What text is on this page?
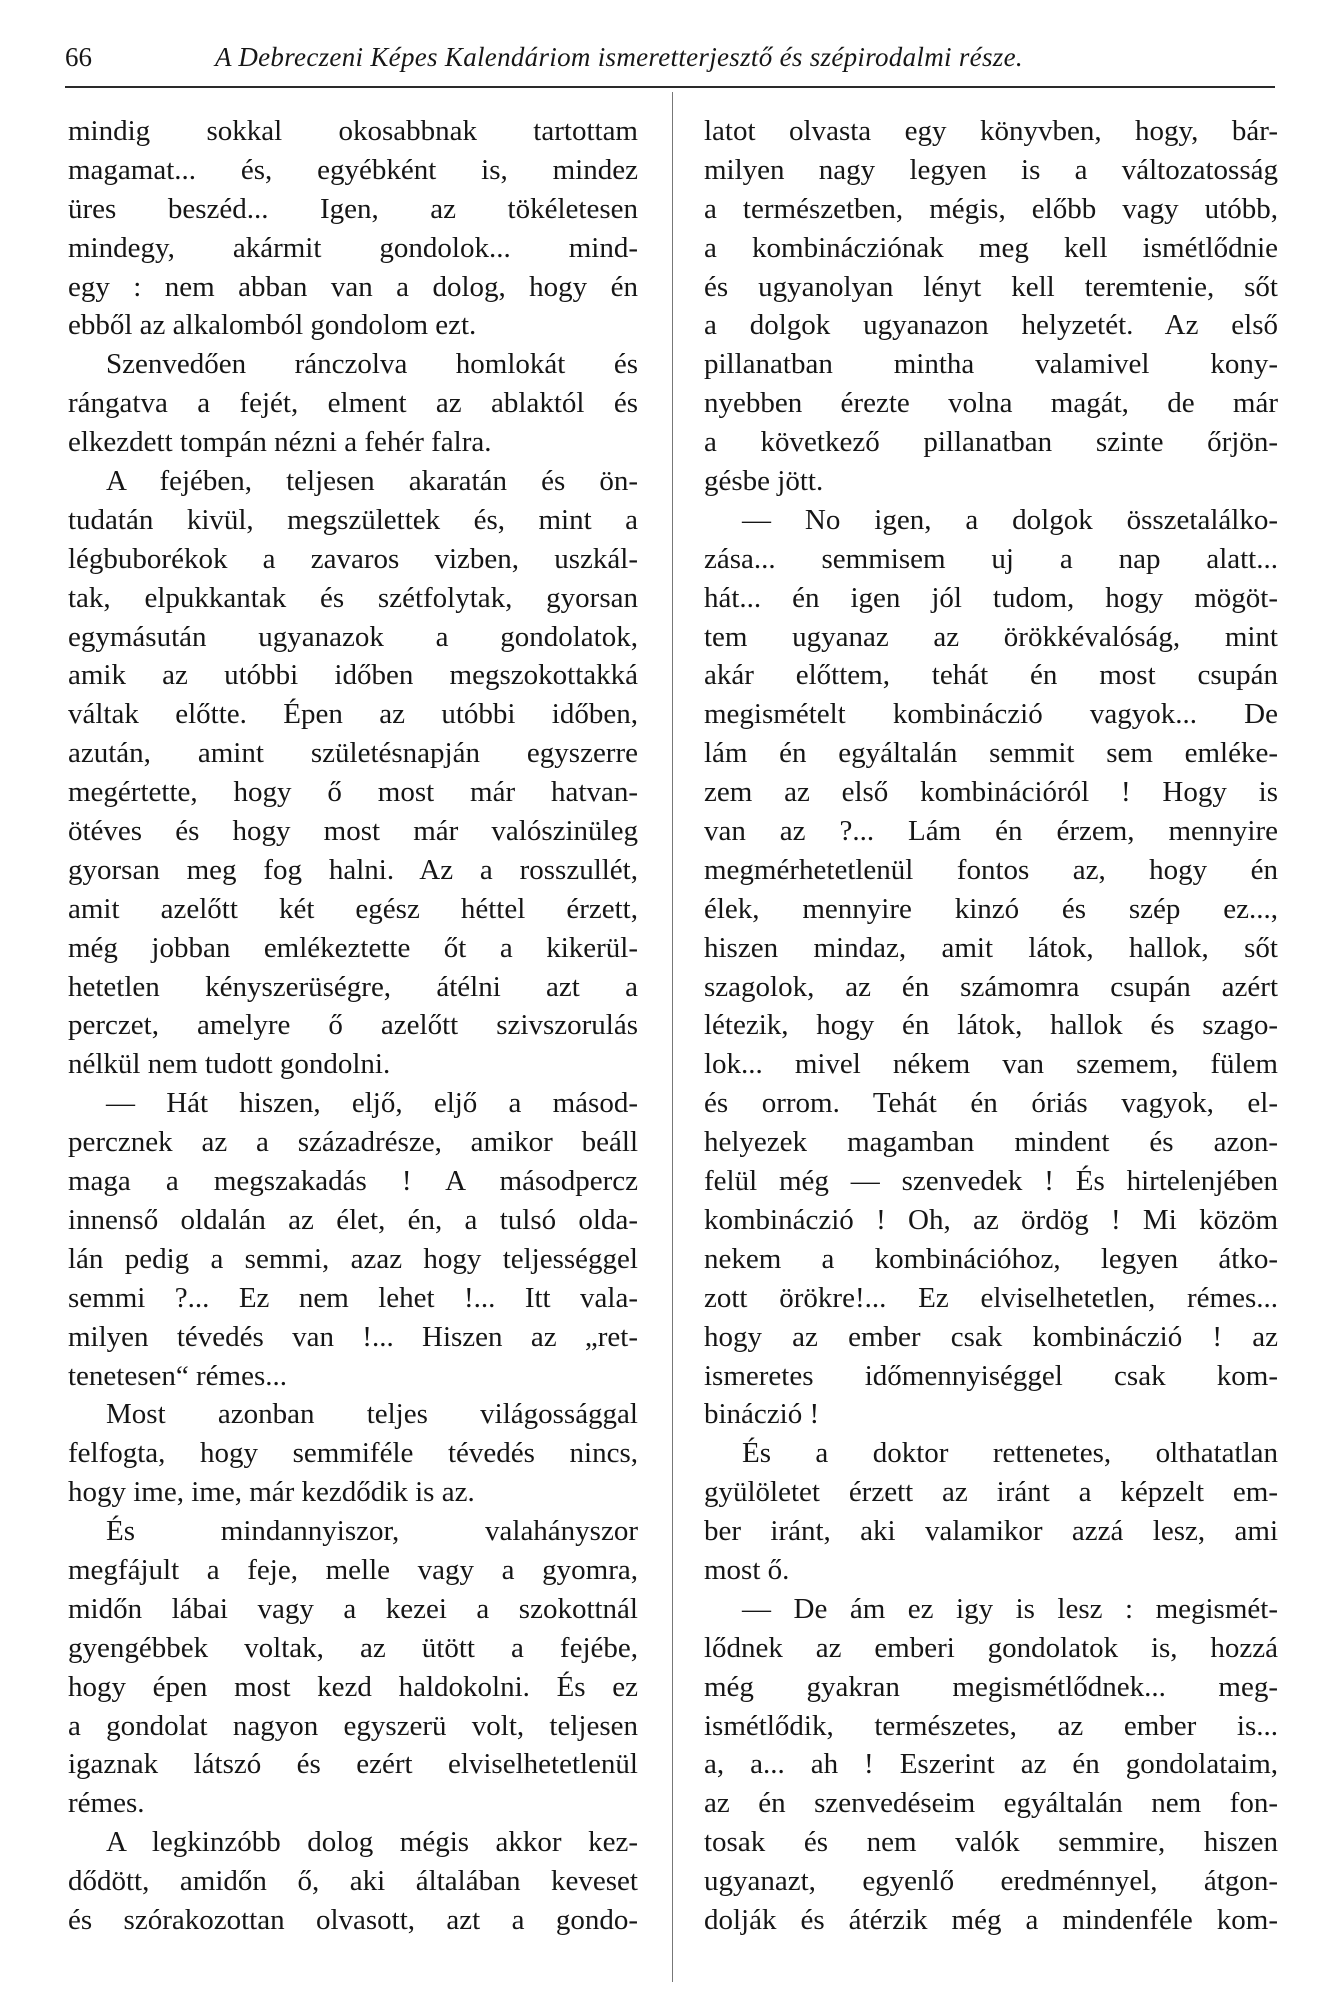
66	A Debreczeni Képes Kalendáriom ismeretterjesztő és szépirodalmi része.
mindig sokkal okosabbnak tartottam
magamat... és, egyébként is, mindez
üres beszéd... Igen, az tökéletesen
mindegy, akármit gondolok... mind-
egy : nem abban van a dolog, hogy én
ebből az alkalomból gondolom ezt.
Szenvedően ránczolva homlokát és
rángatva a fejét, elment az ablaktól és
elkezdett tompán nézni a fehér falra.
A fejében, teljesen akaratán és ön-
tudatán kivül, megszülettek és, mint a
légbuborékok a zavaros vizben, uszkál-
tak, elpukkantak és szétfolytak, gyorsan
egymásután ugyanazok a gondolatok,
amik az utóbbi időben megszokottakká
váltak előtte. Épen az utóbbi időben,
azután, amint születésnapján egyszerre
megértette, hogy ő most már hatvan-
ötéves és hogy most már valószinüleg
gyorsan meg fog halni. Az a rosszullét,
amit azelőtt két egész héttel érzett,
még jobban emlékeztette őt a kikerül-
hetetlen kényszerüségre, átélni azt a
perczet, amelyre ő azelőtt szivszorulás
nélkül nem tudott gondolni.
— Hát hiszen, eljő, eljő a másod-
percznek az a századrésze, amikor beáll
maga a megszakadás ! A másodpercz
innenső oldalán az élet, én, a tulsó olda-
lán pedig a semmi, azaz hogy teljességgel
semmi ?... Ez nem lehet !... Itt vala-
milyen tévedés van !... Hiszen az „ret-
tenetesen“ rémes...
Most azonban teljes világossággal
felfogta, hogy semmiféle tévedés nincs,
hogy ime, ime, már kezdődik is az.
És mindannyiszor, valahányszor
megfájult a feje, melle vagy a gyomra,
midőn lábai vagy a kezei a szokottnál
gyengébbek voltak, az ütött a fejébe,
hogy épen most kezd haldokolni. És ez
a gondolat nagyon egyszerü volt, teljesen
igaznak látszó és ezért elviselhetetlenül
rémes.
A legkinzóbb dolog mégis akkor kez-
dődött, amidőn ő, aki általában keveset
és szórakozottan olvasott, azt a gondo-
latot olvasta egy könyvben, hogy, bár-
milyen nagy legyen is a változatosság
a természetben, mégis, előbb vagy utóbb,
a kombinácziónak meg kell ismétlődnie
és ugyanolyan lényt kell teremtenie, sőt
a dolgok ugyanazon helyzetét. Az első
pillanatban mintha valamivel kony-
nyebben érezte volna magát, de már
a következő pillanatban szinte őrjön-
gésbe jött.
— No igen, a dolgok összetalálko-
zása... semmisem uj a nap alatt...
hát... én igen jól tudom, hogy mögöt-
tem ugyanaz az örökkévalóság, mint
akár előttem, tehát én most csupán
megismételt kombináczió vagyok... De
lám én egyáltalán semmit sem emléke-
zem az első kombinációról ! Hogy is
van az ?... Lám én érzem, mennyire
megmérhetetlenül fontos az, hogy én
élek, mennyire kinzó és szép ez...,
hiszen mindaz, amit látok, hallok, sőt
szagolok, az én számomra csupán azért
létezik, hogy én látok, hallok és szago-
lok... mivel nékem van szemem, fülem
és orrom. Tehát én óriás vagyok, el-
helyezek magamban mindent és azon-
felül még — szenvedek ! És hirtelenjében
kombináczió ! Oh, az ördög ! Mi közöm
nekem a kombinációhoz, legyen átko-
zott örökre!... Ez elviselhetetlen, rémes...
hogy az ember csak kombináczió ! az
ismeretes időmennyiséggel csak kom-
bináczió !
És a doktor rettenetes, olthatatlan
gyülöletet érzett az iránt a képzelt em-
ber iránt, aki valamikor azzá lesz, ami
most ő.
— De ám ez igy is lesz : megismét-
lődnek az emberi gondolatok is, hozzá
még gyakran megismétlődnek... meg-
ismétlődik, természetes, az ember is...
a, a... ah ! Eszerint az én gondolataim,
az én szenvedéseim egyáltalán nem fon-
tosak és nem valók semmire, hiszen
ugyanazt, egyenlő eredménnyel, átgon-
dolják és átérzik még a mindenféle kom-
